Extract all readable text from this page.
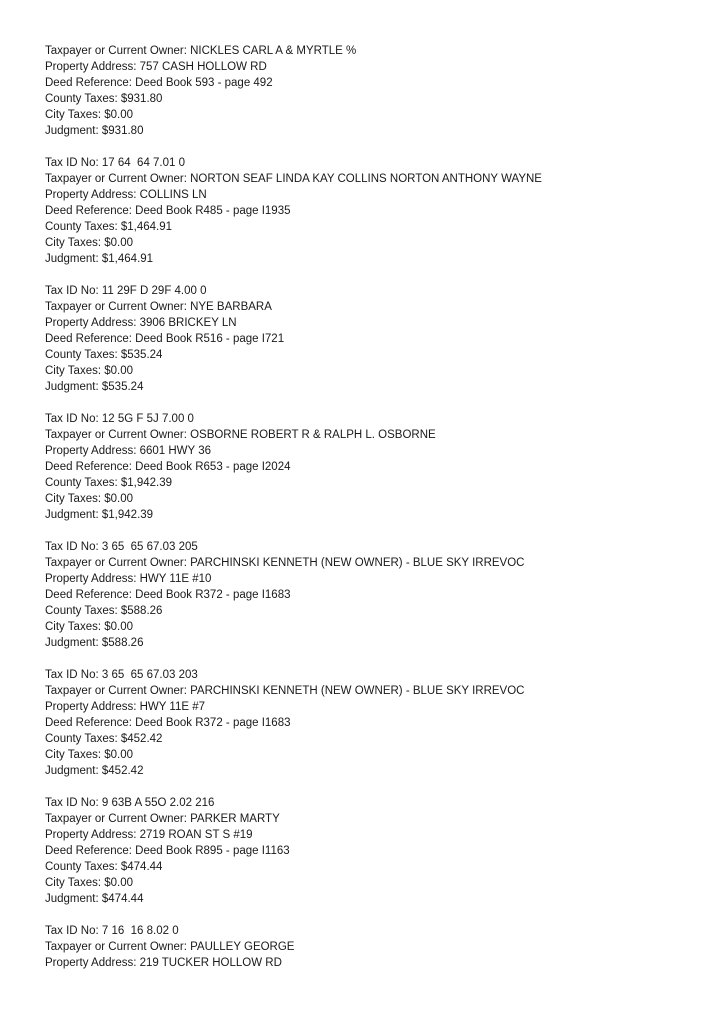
Taxpayer or Current Owner: NICKLES CARL A & MYRTLE %
Property Address: 757 CASH HOLLOW RD
Deed Reference: Deed Book 593 - page 492
County Taxes: $931.80
City Taxes: $0.00
Judgment: $931.80
Tax ID No: 17 64  64 7.01 0
Taxpayer or Current Owner: NORTON SEAF LINDA KAY COLLINS NORTON ANTHONY WAYNE
Property Address: COLLINS LN
Deed Reference: Deed Book R485 - page I1935
County Taxes: $1,464.91
City Taxes: $0.00
Judgment: $1,464.91
Tax ID No: 11 29F D 29F 4.00 0
Taxpayer or Current Owner: NYE BARBARA
Property Address: 3906 BRICKEY LN
Deed Reference: Deed Book R516 - page I721
County Taxes: $535.24
City Taxes: $0.00
Judgment: $535.24
Tax ID No: 12 5G F 5J 7.00 0
Taxpayer or Current Owner: OSBORNE ROBERT R & RALPH L. OSBORNE
Property Address: 6601 HWY 36
Deed Reference: Deed Book R653 - page I2024
County Taxes: $1,942.39
City Taxes: $0.00
Judgment: $1,942.39
Tax ID No: 3 65  65 67.03 205
Taxpayer or Current Owner: PARCHINSKI KENNETH (NEW OWNER) - BLUE SKY IRREVOC
Property Address: HWY 11E #10
Deed Reference: Deed Book R372 - page I1683
County Taxes: $588.26
City Taxes: $0.00
Judgment: $588.26
Tax ID No: 3 65  65 67.03 203
Taxpayer or Current Owner: PARCHINSKI KENNETH (NEW OWNER) - BLUE SKY IRREVOC
Property Address: HWY 11E #7
Deed Reference: Deed Book R372 - page I1683
County Taxes: $452.42
City Taxes: $0.00
Judgment: $452.42
Tax ID No: 9 63B A 55O 2.02 216
Taxpayer or Current Owner: PARKER MARTY
Property Address: 2719 ROAN ST S #19
Deed Reference: Deed Book R895 - page I1163
County Taxes: $474.44
City Taxes: $0.00
Judgment: $474.44
Tax ID No: 7 16  16 8.02 0
Taxpayer or Current Owner: PAULLEY GEORGE
Property Address: 219 TUCKER HOLLOW RD
